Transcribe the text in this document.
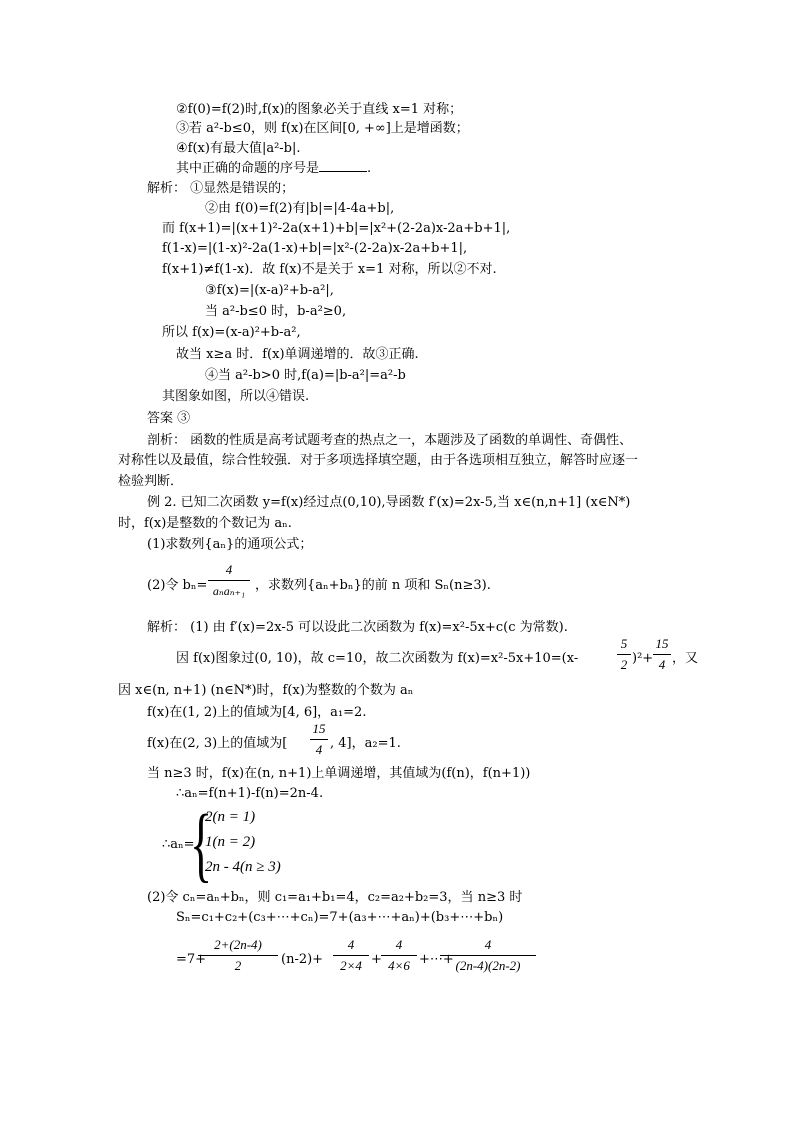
②f(0)=f(2)时,f(x)的图象必关于直线 x=1 对称；
③若 a²-b≤0，则 f(x)在区间[0, +∞]上是增函数；
④f(x)有最大值|a²-b|.
其中正确的命题的序号是	.
解析： ①显然是错误的；
②由 f(0)=f(2)有|b|=|4-4a+b|,
而 f(x+1)=|(x+1)²-2a(x+1)+b|=|x²+(2-2a)x-2a+b+1|,
f(1-x)=|(1-x)²-2a(1-x)+b|=|x²-(2-2a)x-2a+b+1|,
f(x+1)≠f(1-x)．故 f(x)不是关于 x=1 对称，所以②不对.
③f(x)=|(x-a)²+b-a²|,
当 a²-b≤0 时，b-a²≥0,
所以 f(x)=(x-a)²+b-a²,
故当 x≥a 时．f(x)单调递增的．故③正确.
④当 a²-b>0 时,f(a)=|b-a²|=a²-b
其图象如图，所以④错误.
答案 ③
剖析： 函数的性质是高考试题考查的热点之一，本题涉及了函数的单调性、奇偶性、
对称性以及最值，综合性较强．对于多项选择填空题，由于各选项相互独立，解答时应逐一
检验判断．
例 2. 已知二次函数 y=f(x)经过点(0,10),导函数 f′(x)=2x-5,当 x∈(n,n+1] (x∈N*)
时，f(x)是整数的个数记为 aₙ.
(1)求数列{aₙ}的通项公式；
(2)令 bₙ=
4
aₙaₙ₊₁ ，求数列{aₙ+bₙ}的前 n 项和 Sₙ(n≥3).
解析： (1) 由 f′(x)=2x-5 可以设此二次函数为 f(x)=x²-5x+c(c 为常数).
因 f(x)图象过(0, 10)，故 c=10，故二次函数为 f(x)=x²-5x+10=(x-
5
2 )²+
15
4 ，又
因 x∈(n, n+1) (n∈N*)时，f(x)为整数的个数为 aₙ
f(x)在(1, 2)上的值域为[4, 6]，a₁=2.
f(x)在(2, 3)上的值域为[
15
4 , 4]，a₂=1.
当 n≥3 时，f(x)在(n, n+1)上单调递增，其值域为(f(n)，f(n+1))
∴aₙ=f(n+1)-f(n)=2n-4.
∴aₙ=
{
2(n = 1)
1(n = 2)
2n - 4(n ≥ 3)
(2)令 cₙ=aₙ+bₙ，则 c₁=a₁+b₁=4，c₂=a₂+b₂=3，当 n≥3 时
Sₙ=c₁+c₂+(c₃+⋯+cₙ)=7+(a₃+⋯+aₙ)+(b₃+⋯+bₙ)
=7+
2+(2n-4)
2	(n-2)+
4
2×4 +
4
4×6 +⋯+
4
(2n-4)(2n-2)
